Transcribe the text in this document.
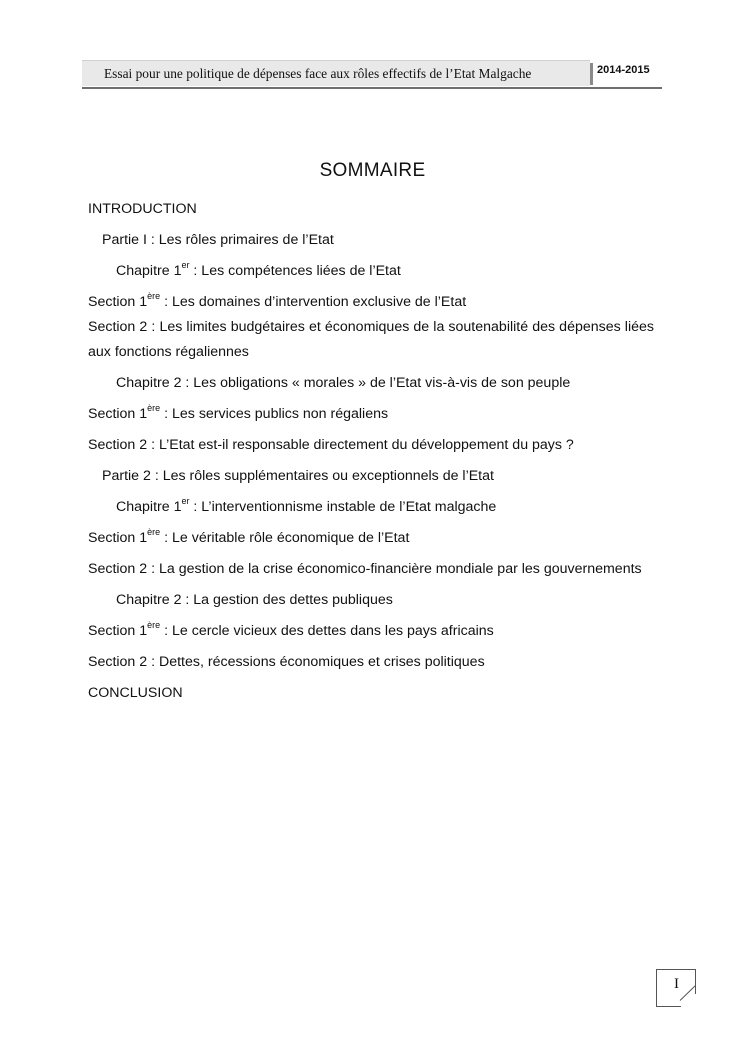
Essai pour une politique de dépenses face aux rôles effectifs de l’Etat Malgache	2014-2015
SOMMAIRE
INTRODUCTION
Partie I : Les rôles primaires de l’Etat
Chapitre 1er : Les compétences liées de l’Etat
Section 1ère : Les domaines d’intervention exclusive de l’Etat
Section 2 : Les limites budgétaires et économiques de la soutenabilité des dépenses liées aux fonctions régaliennes
Chapitre 2 : Les obligations « morales » de l’Etat vis-à-vis de son peuple
Section 1ère : Les services publics non régaliens
Section 2 : L’Etat est-il responsable directement du développement du pays ?
Partie 2 : Les rôles supplémentaires ou exceptionnels de l’Etat
Chapitre 1er : L’interventionnisme instable de l’Etat malgache
Section 1ère : Le véritable rôle économique de l’Etat
Section 2 : La gestion de la crise économico-financière mondiale par les gouvernements
Chapitre 2 : La gestion des dettes publiques
Section 1ère : Le cercle vicieux des dettes dans les pays africains
Section 2 : Dettes, récessions économiques et crises politiques
CONCLUSION
I
